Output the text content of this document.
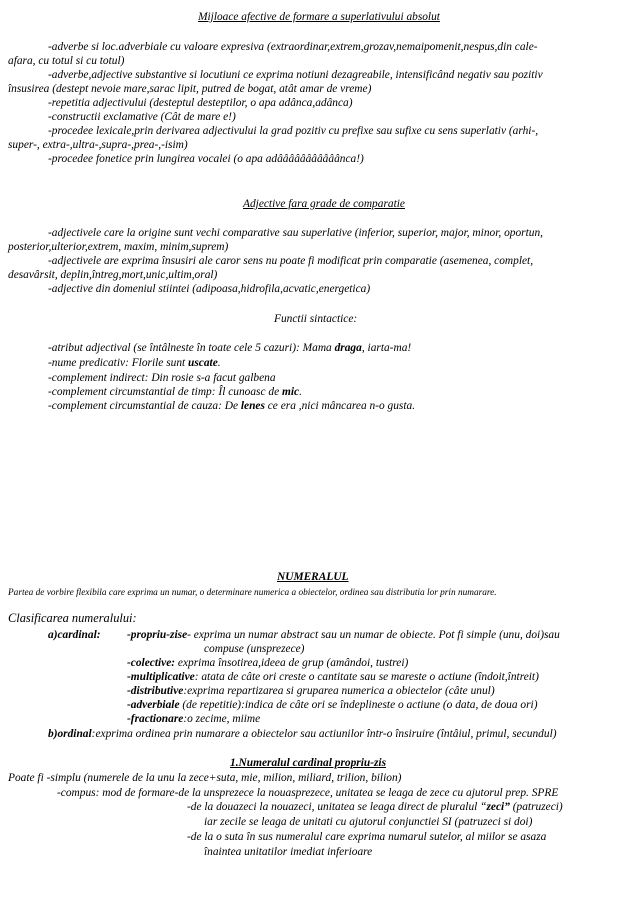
Mijloace afective de formare a superlativului absolut
-adverbe si loc.adverbiale cu valoare expresiva (extraordinar,extrem,grozav,nemaipomenit,nespus,din cale-
afara, cu totul si cu totul)
-adverbe,adjective substantive si locutiuni ce exprima notiuni dezagreabile, intensificând negativ sau pozitiv
însusirea (destept nevoie mare,sarac lipit, putred de bogat, atât amar de vreme)
-repetitia adjectivului (desteptul desteptilor, o apa adânca,adânca)
-constructii exclamative (Cât de mare e!)
-procedee lexicale,prin derivarea adjectivului la grad pozitiv cu prefixe sau sufixe cu sens superlativ (arhi-,
super-, extra-,ultra-,supra-,prea-,-isim)
-procedee fonetice prin lungirea vocalei (o apa adââââââââââânca!)
Adjective fara grade de comparatie
-adjectivele care la origine sunt vechi comparative sau superlative (inferior, superior, major, minor, oportun,
posterior,ulterior,extrem, maxim, minim,suprem)
-adjectivele are exprima însusiri ale caror sens nu poate fi modificat prin comparatie (asemenea, complet,
desavârsit, deplin,întreg,mort,unic,ultim,oral)
-adjective din domeniul stiintei (adipoasa,hidrofila,acvatic,energetica)
Functii sintactice:
-atribut adjectival (se întâlneste în toate cele 5 cazuri): Mama draga, iarta-ma!
-nume predicativ: Florile sunt uscate.
-complement indirect: Din rosie s-a facut galbena
-complement circumstantial de timp: Îl cunoasc de mic.
-complement circumstantial de cauza: De lenes ce era ,nici mâncarea n-o gusta.
NUMERALUL
Partea de vorbire flexibila care exprima un numar, o determinare numerica a obiectelor, ordinea sau distributia lor prin numarare.
Clasificarea numeralului:
a)cardinal: -propriu-zise- exprima un numar abstract sau un numar de obiecte. Pot fi simple (unu, doi)sau
compuse (unsprezece)
-colective: exprima însotirea,ideea de grup (amândoi, tustrei)
-multiplicative: atata de câte ori creste o cantitate sau se mareste o actiune (îndoit,întreit)
-distributive:exprima repartizarea si gruparea numerica a obiectelor (câte unul)
-adverbiale (de repetitie):indica de câte ori se îndeplineste o actiune (o data, de doua ori)
-fractionare:o zecime, miime
b)ordinal:exprima ordinea prin numarare a obiectelor sau actiunilor într-o însiruire (întâiul, primul, secundul)
1.Numeralul cardinal propriu-zis
Poate fi -simplu (numerele de la unu la zece+suta, mie, milion, miliard, trilion, bilion)
-compus: mod de formare-de la unsprezece la nouasprezece, unitatea se leaga de zece cu ajutorul prep. SPRE
-de la douazeci la nouazeci, unitatea se leaga direct de pluralul “zeci” (patruzeci)
iar zecile se leaga de unitati cu ajutorul conjunctiei SI (patruzeci si doi)
-de la o suta în sus numeralul care exprima numarul sutelor, al miilor se asaza
înaintea unitatilor imediat inferioare
